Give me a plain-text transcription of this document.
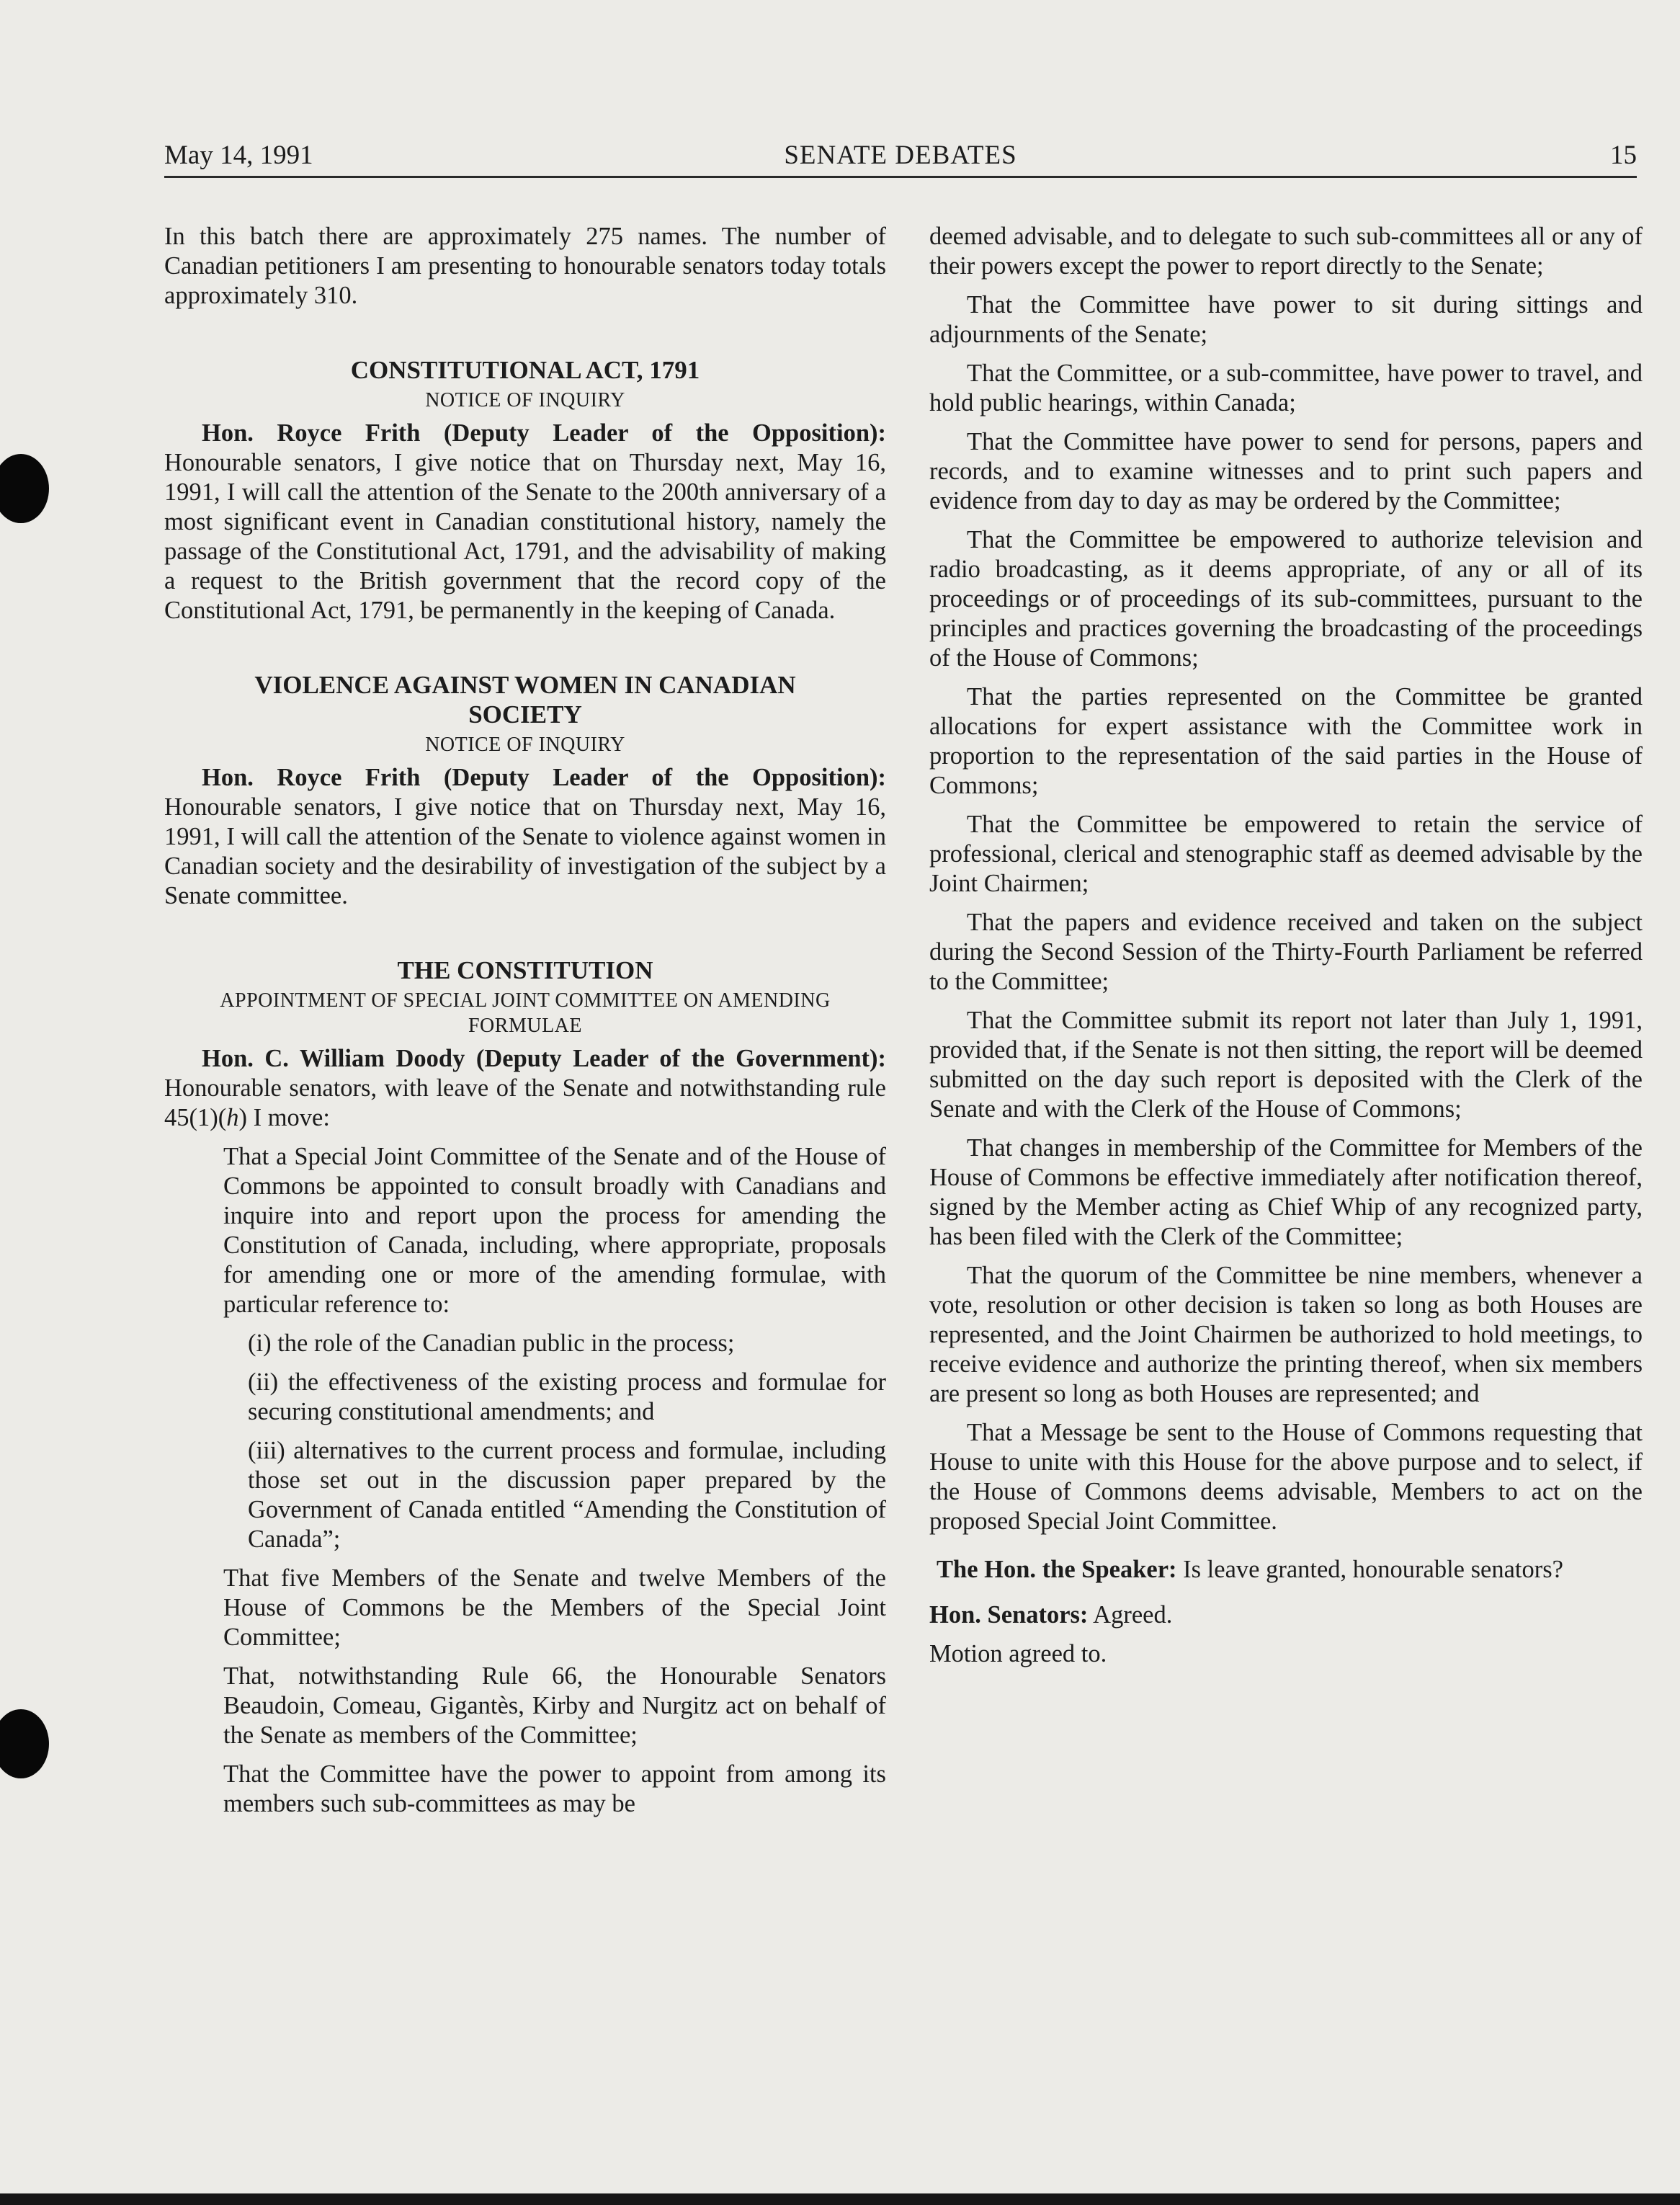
May 14, 1991	SENATE DEBATES	15

In this batch there are approximately 275 names. The number of Canadian petitioners I am presenting to honourable senators today totals approximately 310.

CONSTITUTIONAL ACT, 1791
NOTICE OF INQUIRY

Hon. Royce Frith (Deputy Leader of the Opposition): Honourable senators, I give notice that on Thursday next, May 16, 1991, I will call the attention of the Senate to the 200th anniversary of a most significant event in Canadian constitutional history, namely the passage of the Constitutional Act, 1791, and the advisability of making a request to the British government that the record copy of the Constitutional Act, 1791, be permanently in the keeping of Canada.

VIOLENCE AGAINST WOMEN IN CANADIAN
SOCIETY
NOTICE OF INQUIRY

Hon. Royce Frith (Deputy Leader of the Opposition): Honourable senators, I give notice that on Thursday next, May 16, 1991, I will call the attention of the Senate to violence against women in Canadian society and the desirability of investigation of the subject by a Senate committee.

THE CONSTITUTION
APPOINTMENT OF SPECIAL JOINT COMMITTEE ON AMENDING
FORMULAE

Hon. C. William Doody (Deputy Leader of the Government): Honourable senators, with leave of the Senate and notwithstanding rule 45(1)(h) I move:

That a Special Joint Committee of the Senate and of the House of Commons be appointed to consult broadly with Canadians and inquire into and report upon the process for amending the Constitution of Canada, including, where appropriate, proposals for amending one or more of the amending formulae, with particular reference to:

(i) the role of the Canadian public in the process;

(ii) the effectiveness of the existing process and formulae for securing constitutional amendments; and

(iii) alternatives to the current process and formulae, including those set out in the discussion paper prepared by the Government of Canada entitled “Amending the Constitution of Canada”;

That five Members of the Senate and twelve Members of the House of Commons be the Members of the Special Joint Committee;

That, notwithstanding Rule 66, the Honourable Senators Beaudoin, Comeau, Gigantès, Kirby and Nurgitz act on behalf of the Senate as members of the Committee;

That the Committee have the power to appoint from among its members such sub-committees as may be

deemed advisable, and to delegate to such sub-committees all or any of their powers except the power to report directly to the Senate;

That the Committee have power to sit during sittings and adjournments of the Senate;

That the Committee, or a sub-committee, have power to travel, and hold public hearings, within Canada;

That the Committee have power to send for persons, papers and records, and to examine witnesses and to print such papers and evidence from day to day as may be ordered by the Committee;

That the Committee be empowered to authorize television and radio broadcasting, as it deems appropriate, of any or all of its proceedings or of proceedings of its sub-committees, pursuant to the principles and practices governing the broadcasting of the proceedings of the House of Commons;

That the parties represented on the Committee be granted allocations for expert assistance with the Committee work in proportion to the representation of the said parties in the House of Commons;

That the Committee be empowered to retain the service of professional, clerical and stenographic staff as deemed advisable by the Joint Chairmen;

That the papers and evidence received and taken on the subject during the Second Session of the Thirty-Fourth Parliament be referred to the Committee;

That the Committee submit its report not later than July 1, 1991, provided that, if the Senate is not then sitting, the report will be deemed submitted on the day such report is deposited with the Clerk of the Senate and with the Clerk of the House of Commons;

That changes in membership of the Committee for Members of the House of Commons be effective immediately after notification thereof, signed by the Member acting as Chief Whip of any recognized party, has been filed with the Clerk of the Committee;

That the quorum of the Committee be nine members, whenever a vote, resolution or other decision is taken so long as both Houses are represented, and the Joint Chairmen be authorized to hold meetings, to receive evidence and authorize the printing thereof, when six members are present so long as both Houses are represented; and

That a Message be sent to the House of Commons requesting that House to unite with this House for the above purpose and to select, if the House of Commons deems advisable, Members to act on the proposed Special Joint Committee.

The Hon. the Speaker: Is leave granted, honourable senators?

Hon. Senators: Agreed.

Motion agreed to.
